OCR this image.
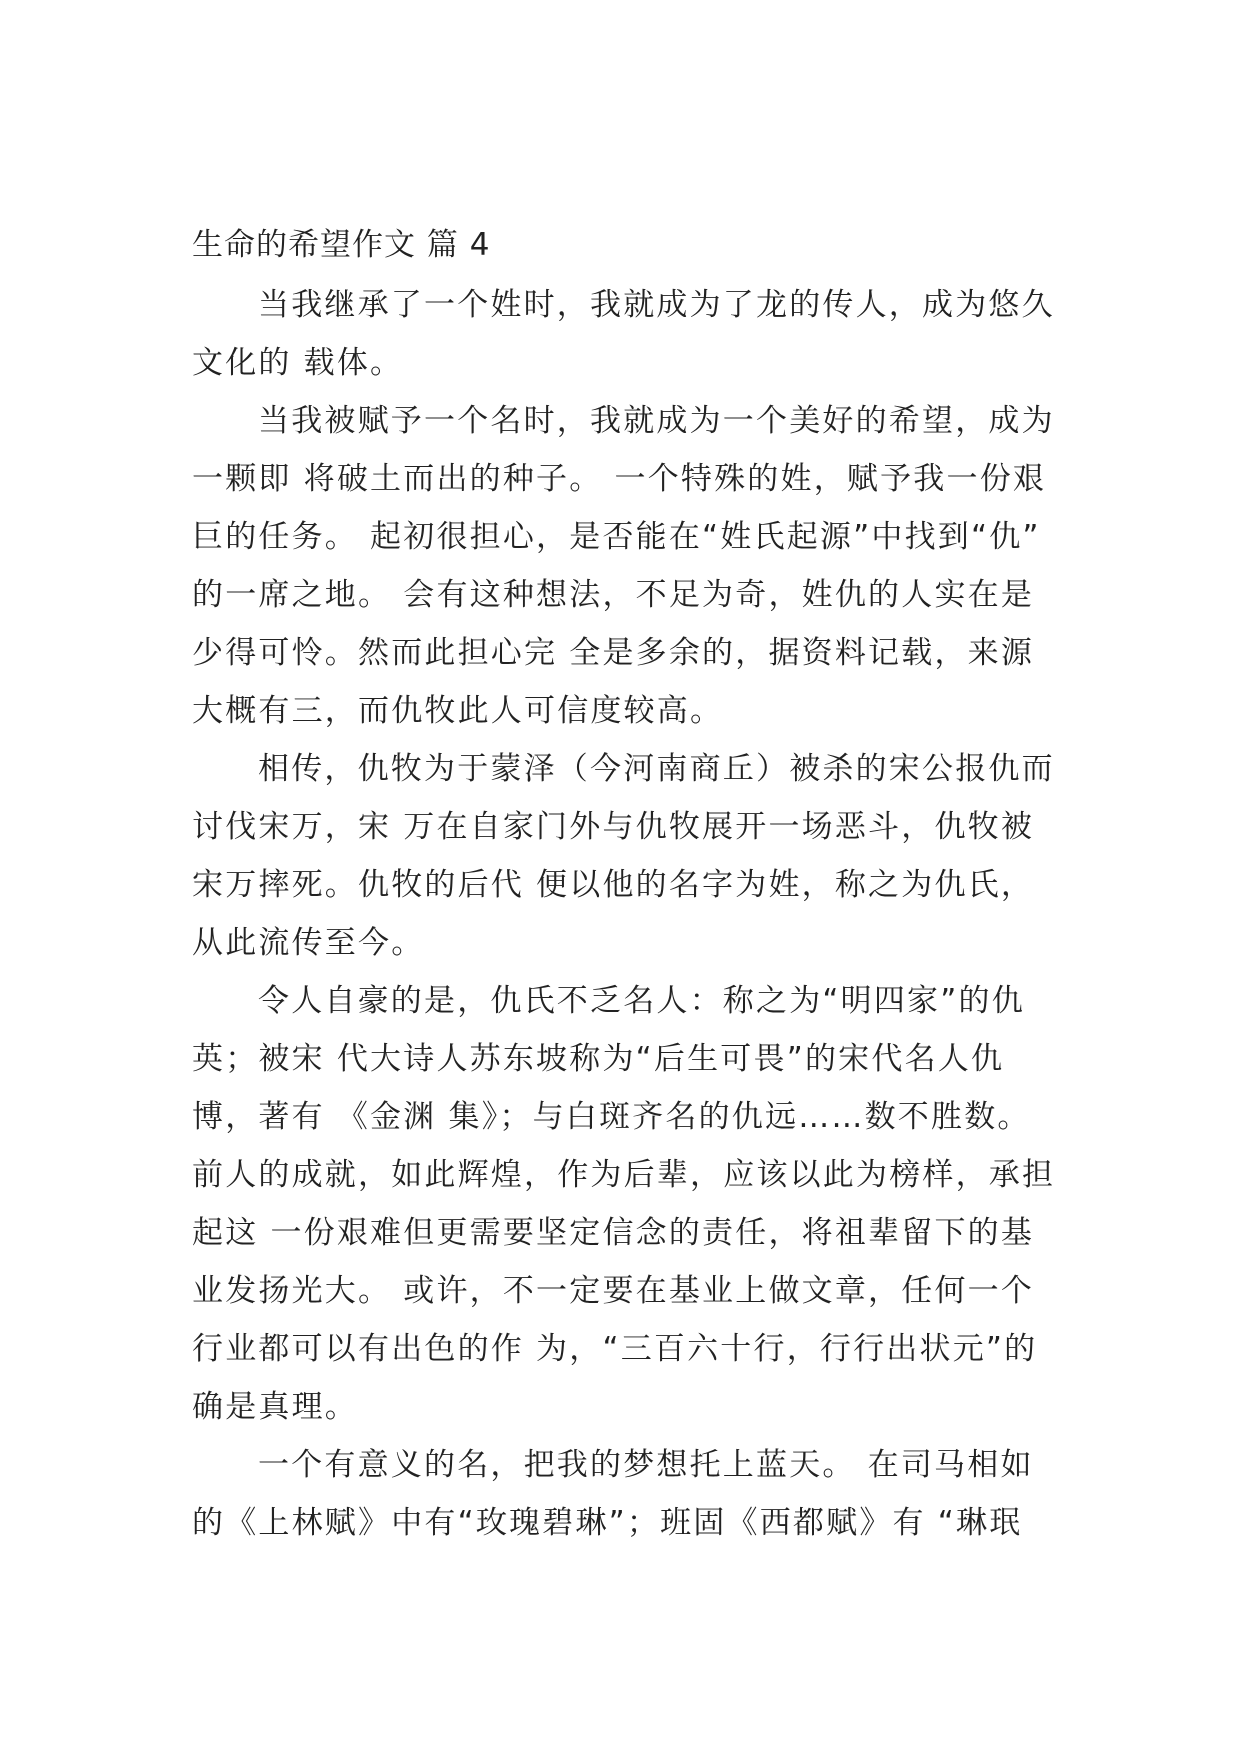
生命的希望作文 篇 4
当我继承了一个姓时，我就成为了龙的传人，成为悠久
文化的 载体。
当我被赋予一个名时，我就成为一个美好的希望，成为
一颗即 将破土而出的种子。 一个特殊的姓，赋予我一份艰
巨的任务。 起初很担心，是否能在“姓氏起源”中找到“仇”
的一席之地。 会有这种想法，不足为奇，姓仇的人实在是
少得可怜。然而此担心完 全是多余的，据资料记载，来源
大概有三，而仇牧此人可信度较高。
相传，仇牧为于蒙泽（今河南商丘）被杀的宋公报仇而
讨伐宋万，宋 万在自家门外与仇牧展开一场恶斗，仇牧被
宋万摔死。仇牧的后代 便以他的名字为姓，称之为仇氏，
从此流传至今。
令人自豪的是，仇氏不乏名人：称之为“明四家”的仇
英；被宋 代大诗人苏东坡称为“后生可畏”的宋代名人仇
博，著有 《金渊 集》；与白斑齐名的仇远……数不胜数。
前人的成就，如此辉煌，作为后辈，应该以此为榜样，承担
起这 一份艰难但更需要坚定信念的责任，将祖辈留下的基
业发扬光大。 或许，不一定要在基业上做文章，任何一个
行业都可以有出色的作 为，“三百六十行，行行出状元”的
确是真理。
一个有意义的名，把我的梦想托上蓝天。 在司马相如
的《上林赋》中有“玫瑰碧琳”；班固《西都赋》有 “琳珉
